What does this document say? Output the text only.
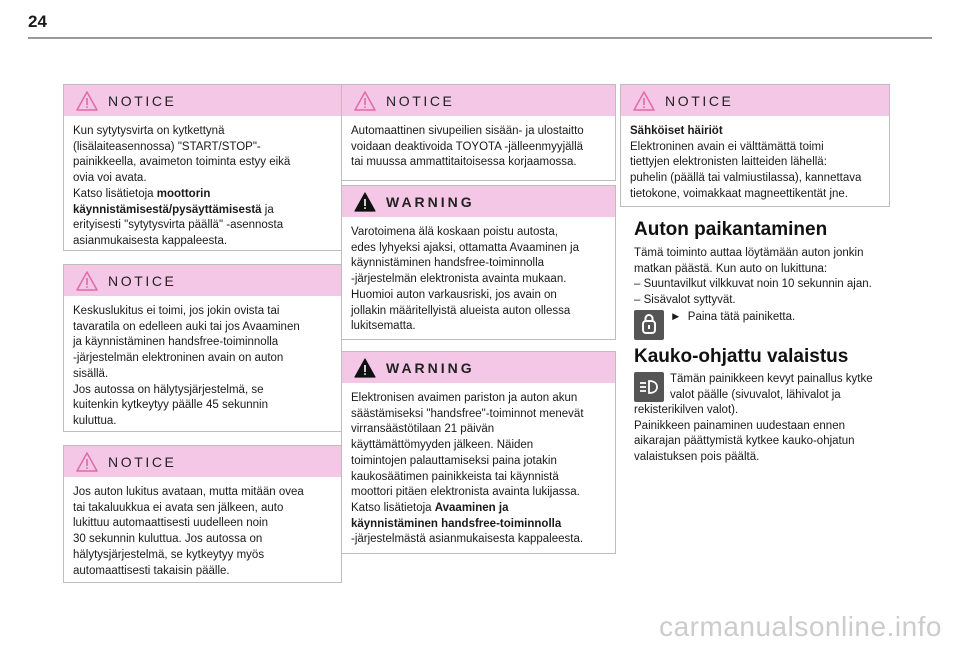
24
NOTICE

Kun sytytysvirta on kytkettynä

(lisälaiteasennossa) "START/STOP"-

painikkeella, avaimeton toiminta estyy eikä

ovia voi avata.

Katso lisätietoja moottorin

käynnistämisestä/pysäyttämisestä ja

erityisesti "sytytysvirta päällä" -asennosta

asianmukaisesta kappaleesta.

NOTICE

Keskuslukitus ei toimi, jos jokin ovista tai

tavaratila on edelleen auki tai jos Avaaminen

ja käynnistäminen handsfree-toiminnolla

-järjestelmän elektroninen avain on auton

sisällä.

Jos autossa on hälytysjärjestelmä, se

kuitenkin kytkeytyy päälle 45 sekunnin

kuluttua.

NOTICE

Jos auton lukitus avataan, mutta mitään ovea

tai takaluukkua ei avata sen jälkeen, auto

lukittuu automaattisesti uudelleen noin

30 sekunnin kuluttua. Jos autossa on

hälytysjärjestelmä, se kytkeytyy myös

automaattisesti takaisin päälle.

NOTICE

Automaattinen sivupeilien sisään- ja ulostaitto

voidaan deaktivoida TOYOTA -jälleenmyyjällä

tai muussa ammattitaitoisessa korjaamossa.

WARNING

Varotoimena älä koskaan poistu autosta,

edes lyhyeksi ajaksi, ottamatta Avaaminen ja

käynnistäminen handsfree-toiminnolla

-järjestelmän elektronista avainta mukaan.

Huomioi auton varkausriski, jos avain on

jollakin määritellyistä alueista auton ollessa

lukitsematta.

WARNING

Elektronisen avaimen pariston ja auton akun

säästämiseksi "handsfree"-toiminnot menevät

virransäästötilaan 21 päivän

käyttämättömyyden jälkeen. Näiden

toimintojen palauttamiseksi paina jotakin

kaukosäätimen painikkeista tai käynnistä

moottori pitäen elektronista avainta lukijassa.

Katso lisätietoja Avaaminen ja

käynnistäminen handsfree-toiminnolla

-järjestelmästä asianmukaisesta kappaleesta.

NOTICE

Sähköiset häiriöt

Elektroninen avain ei välttämättä toimi

tiettyjen elektronisten laitteiden lähellä:

puhelin (päällä tai valmiustilassa), kannettava

tietokone, voimakkaat magneettikentät jne.

Auton paikantaminen

Tämä toiminto auttaa löytämään auton jonkin

matkan päästä. Kun auto on lukittuna:

– Suuntavilkut vilkkuvat noin 10 sekunnin ajan.

– Sisävalot syttyvät.

► Paina tätä painiketta.

Kauko-ohjattu valaistus

Tämän painikkeen kevyt painallus kytke

valot päälle (sivuvalot, lähivalot ja

rekisterikilven valot).

Painikkeen painaminen uudestaan ennen

aikarajan päättymistä kytkee kauko-ohjatun

valaistuksen pois päältä.

carmanualsonline.info
